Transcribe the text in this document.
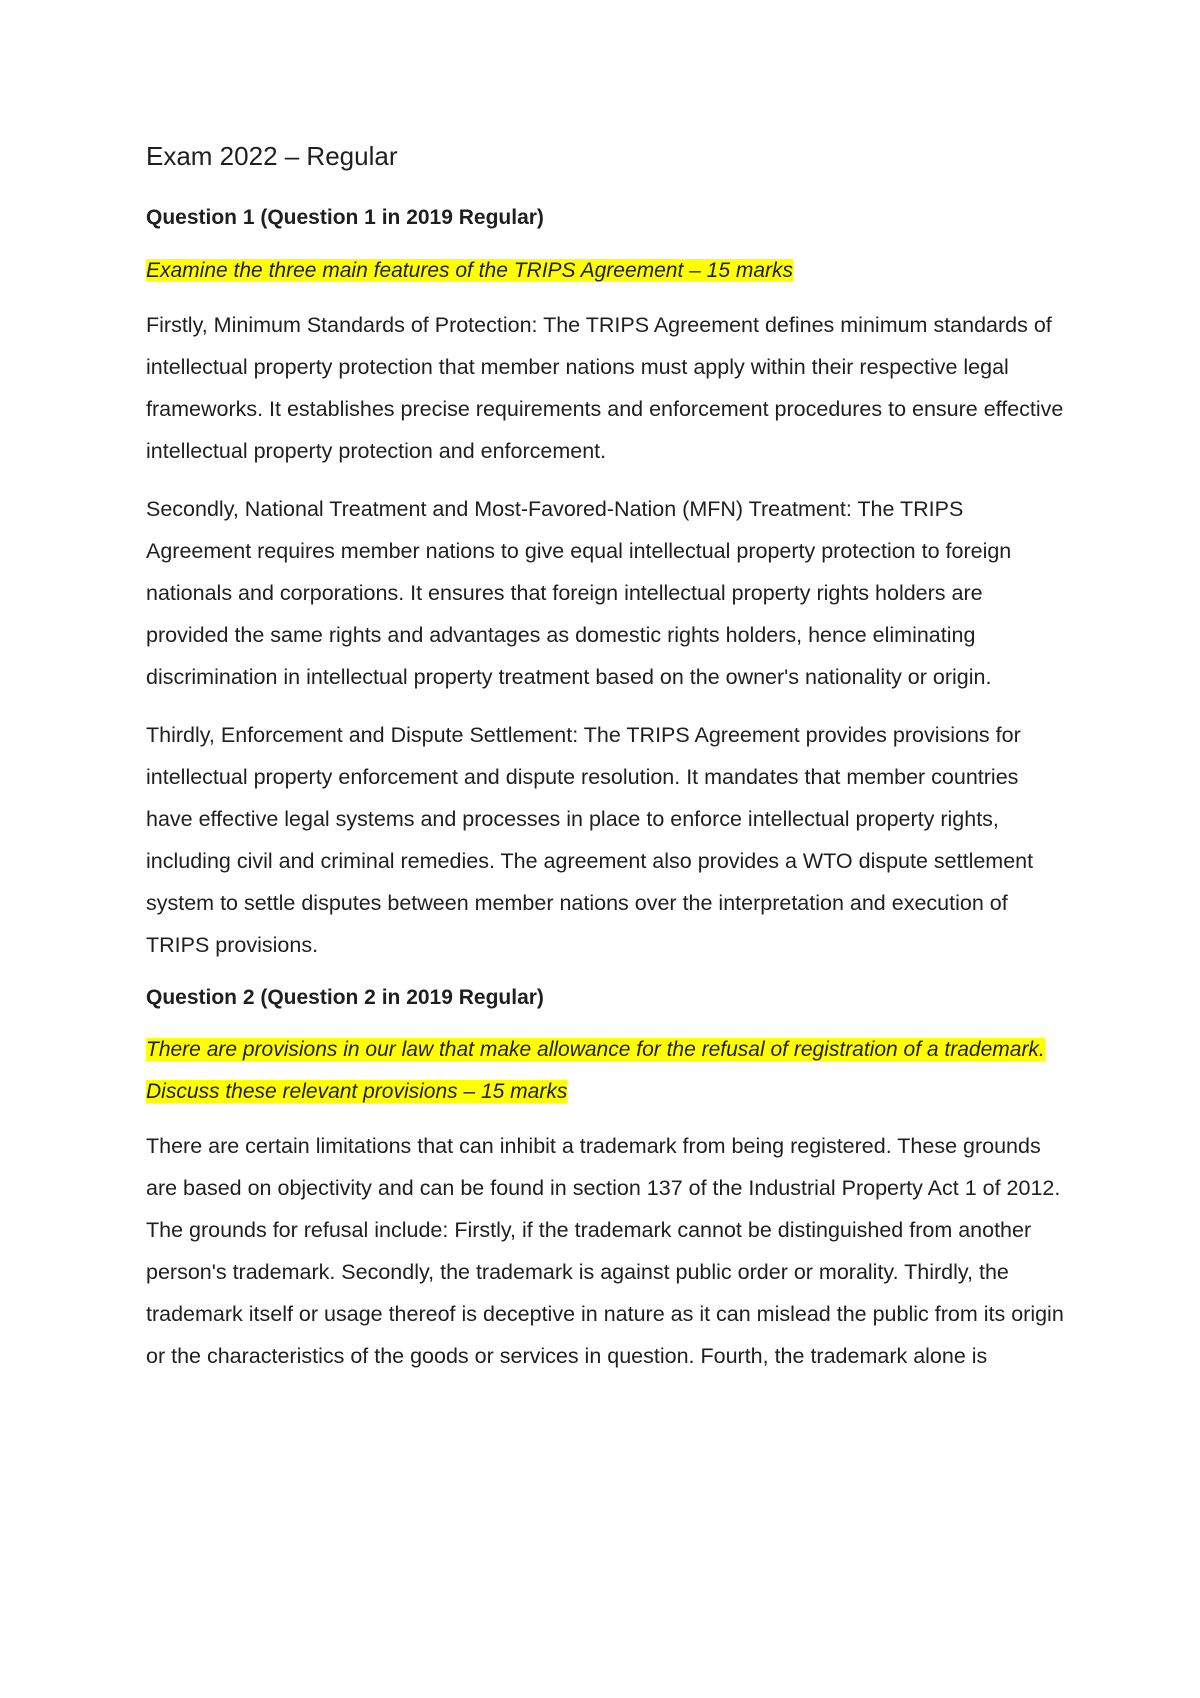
Exam 2022 – Regular
Question 1 (Question 1 in 2019 Regular)
Examine the three main features of the TRIPS Agreement – 15 marks
Firstly, Minimum Standards of Protection: The TRIPS Agreement defines minimum standards of intellectual property protection that member nations must apply within their respective legal frameworks. It establishes precise requirements and enforcement procedures to ensure effective intellectual property protection and enforcement.
Secondly, National Treatment and Most-Favored-Nation (MFN) Treatment: The TRIPS Agreement requires member nations to give equal intellectual property protection to foreign nationals and corporations. It ensures that foreign intellectual property rights holders are provided the same rights and advantages as domestic rights holders, hence eliminating discrimination in intellectual property treatment based on the owner's nationality or origin.
Thirdly, Enforcement and Dispute Settlement: The TRIPS Agreement provides provisions for intellectual property enforcement and dispute resolution. It mandates that member countries have effective legal systems and processes in place to enforce intellectual property rights, including civil and criminal remedies. The agreement also provides a WTO dispute settlement system to settle disputes between member nations over the interpretation and execution of TRIPS provisions.
Question 2 (Question 2 in 2019 Regular)
There are provisions in our law that make allowance for the refusal of registration of a trademark. Discuss these relevant provisions – 15 marks
There are certain limitations that can inhibit a trademark from being registered. These grounds are based on objectivity and can be found in section 137 of the Industrial Property Act 1 of 2012. The grounds for refusal include: Firstly, if the trademark cannot be distinguished from another person's trademark. Secondly, the trademark is against public order or morality. Thirdly, the trademark itself or usage thereof is deceptive in nature as it can mislead the public from its origin or the characteristics of the goods or services in question. Fourth, the trademark alone is
